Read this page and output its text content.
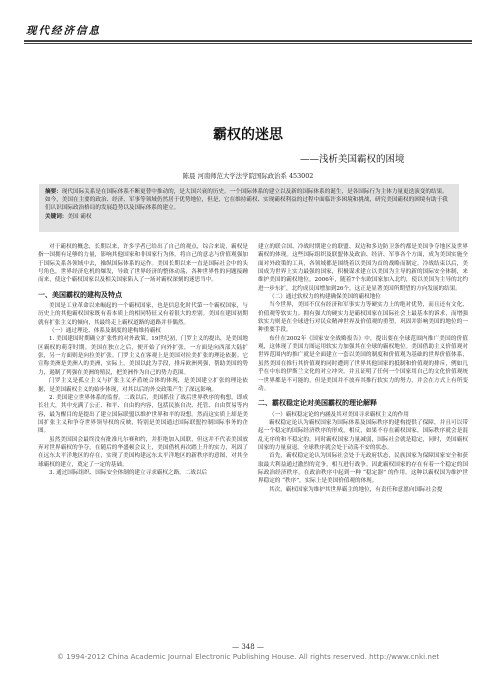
现代经济信息
霸权的迷思
——浅析美国霸权的困境
陈晨 河南师范大学法学院国际政治系 453002
摘要：现代国际关系是在国际体系不断更替中推动的，是大国兴衰的历史。一个国际体系的建立以及新的国际体系的诞生，是各国际行为主体力量更迭演变的结果。如今，美国在主要的政治、经济、军事等领域仍然居于优势地位，但是，它在维持霸权、实现霸权利益的过程中面临许多困境和挑战，研究美国霸权的困境有助于我们认识国际政治格局的发展趋势以及国际体系的建立。
关键词：美国 霸权

对于霸权的概念，长期以来，许多学者已给出了自己的观点，综合来说，霸权是指一国拥有足够的力量，影响其他国家和非国家行为体。将自己的意志与价值观强加于国际关系各领域中去，操纵国际体系的运作。美国长期以来一直是国际社会中的头号角色，世界经济危机的爆发，导致了世界经济的整体动荡，各种世界性的问题接踵而来，使这个霸权国家以及相关国家陷入了一场对霸权深刻的迷思当中。

一、美国霸权的建构及特点

美国是工业革命以来崛起的一个霸权国家，也是信息化时代第一个霸权国家，与历史上的其他霸权国家既有着本质上的相同特征又有着很大的差别。美国在建国初期就有扩张主义的倾向，其最终走上霸权道路的道路并非偶然。

（一）通过理论、体系及制度的建构维持霸权

1. 美国建国时期确立扩张性的对外政策。19世纪初，门罗主义的提出，是美国地区霸权的萌芽时期。美国在独立之后，便开始了向外扩张，一方面是向西部大陆扩张，另一方面则是向拉美扩张。门罗主义在客观上是美国对拉美扩张的理论依据。它宣称美洲是美洲人的美洲，实际上，美国以此为手段，排斥欧洲列强，帮助美国的势力，遏制了列强在美洲的殖民，把美洲作为自己的势力范围。

门罗主义是孤立主义与扩张主义矛盾统合体的体现，是美国建立扩张的理论依据，是美国霸权主义的始步体现，对其以后的外交政策产生了深远影响。

2. 美国建立世界体系的监督。二战以后，美国抓住了战后世界秩序的构想，即成长壮大，其中充满了公正、和平、自由的内容，包括民族自决、托管、自由贸易等内容，最为醒目的是提出了建立国际联盟以维护世界和平的设想。然而这实质上却是美国扩张主义和争夺世界领导权的反映，特别是美国通过国际联盟控制国际事务的企图。

虽然美国国会最终没有批准凡尔赛和约，并拒绝加入国联，但这并不代表美国放弃对世界霸权的争夺，在随后的华盛顿会议上，美国借机再次踏上升的实力，巩固了在远东太平洋地区的存在，实现了美国构建远东太平洋地区的新秩序的意图，对其全球霸权的建立，奠定了一定的基础。

3. 通过国际组织、国际安全体制的建立寻求霸权之路。二战以后

建立的联合国、冷战时期建立的联盟、双边和多边防卫条约都是美国争夺地区及世界霸权的体现。这些国际组织及联盟体及政治、经济、军事各个方面，成为美国实施全面对外政策的工具，各领域都是围绕着以美国为首的战略而制定。冷战结束以后，美国成为世界上实力最强的国家，积极谋求建立以美国为主导的新的国际安全体制，来维护美国的霸权地位。2006年，随着7个东欧国家加入北约，使以美国为主导的北约进一步东扩，北约成员国增加到26个，这正是显著美国所期望的方向发展的结果。

（二）通过软权力的构建确保美国的霸权地位

当今世界，美国不仅有经济和军事实力等硬实力上的绝对优势，而且还有文化、价值观等软实力。拥有强大的硬实力是霸权国家在国际社会上最基本的诉求，而增强软实力则是在全球进行对民众精神世界及价值观的重塑，巩固并影响美国的地位的一种重要手段。

布什在2002年《国家安全战略报告》中，提出要在全球范围内推广美国的价值观，这体现了美国力图运用软实力加强其在全球的霸权地位。美国借助主义价值观对世界范围内的推广就是全面建立一套以美国的制度和价值观为基础的世界价值体系，虽然美国在推行其价值观的同时遭到了世界其他国家的抵制和价值观的排斥，例如几乎在中东的伊斯兰文化的对立冲突，并且证明了任何一个国家用自己的文化价值观统一世界都是不可能的，但是美国并不放弃其推行软实力的努力，并会在方式上有所变动。

二、霸权稳定论对美国霸权的理论解释

（一）霸权稳定论的内涵及其对美国寻求霸权主义的作用

霸权稳定论认为霸权国家为国际体系及国际秩序的建构提供了保障，并且可以带起一个稳定的国际经济秩序的形成，相反，如果不存在霸权国家，国际秩序就会是混乱无序的和不稳定的，同时霸权国家力量减弱，国际社会就是稳定，同时，美国霸权国家的力量衰退，全球秩序就会处于动荡不安的状态。

首先，霸权稳定论认为国际社会处于无政府状态，民族国家为保障国家安全和获取最大利益通过激烈的竞争，相互进行战争。因此霸权国家的存在有着一个稳定的国际政治经济秩序，在政治秩序中起到一种 “稳定器” 的作用。这种以霸权国为维护世界稳定的 “秩序”，实际上是美国价值观的体现。

其次，霸权国家为维护其世界霸主的地位，有责任和意愿向国际社会提

— 348 —
© 1994-2012 China Academic Journal Electronic Publishing House. All rights reserved. http://www.cnki.net
